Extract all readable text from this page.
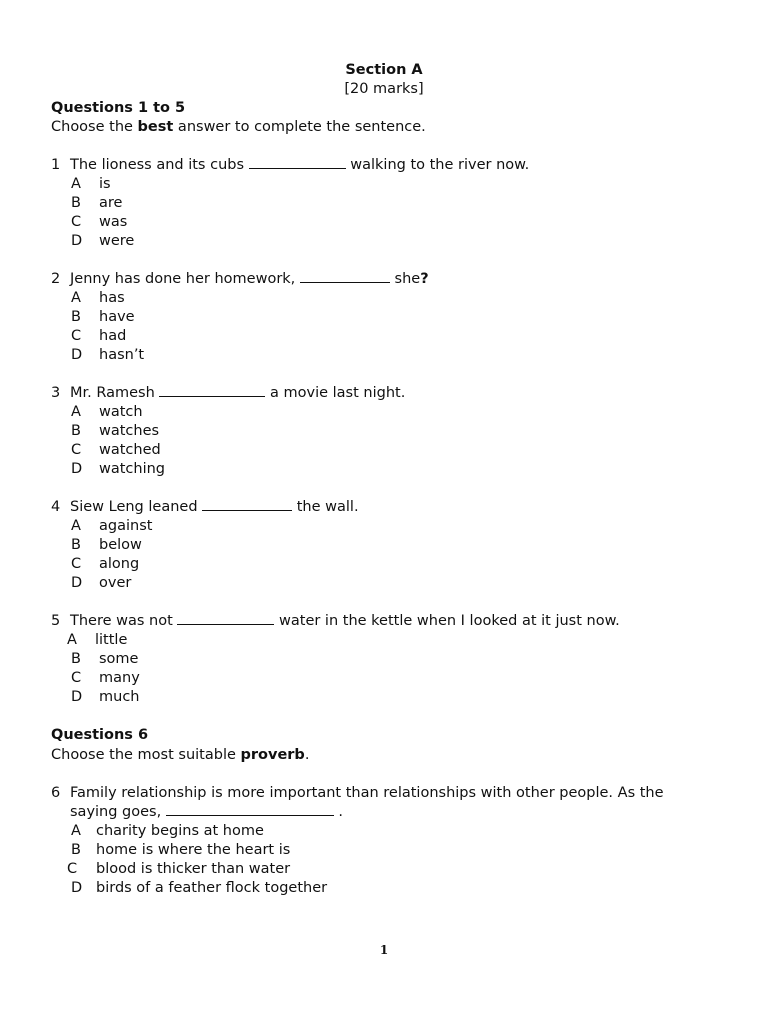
Section A
[20 marks]
Questions 1 to 5
Choose the best answer to complete the sentence.
1 The lioness and its cubs	walking to the river now.
A is
B are
C was
D were
2 Jenny has done her homework,	she?
A has
B have
C had
D hasn’t
3 Mr. Ramesh	a movie last night.
A watch
B watches
C watched
D watching
4 Siew Leng leaned	the wall.
A against
B below
C along
D over
5 There was not	water in the kettle when I looked at it just now.
A little
B some
C many
D much
Questions 6
Choose the most suitable proverb.
6 Family relationship is more important than relationships with other people. As the
saying goes,	.
A charity begins at home
B home is where the heart is
C blood is thicker than water
D birds of a feather flock together
1
